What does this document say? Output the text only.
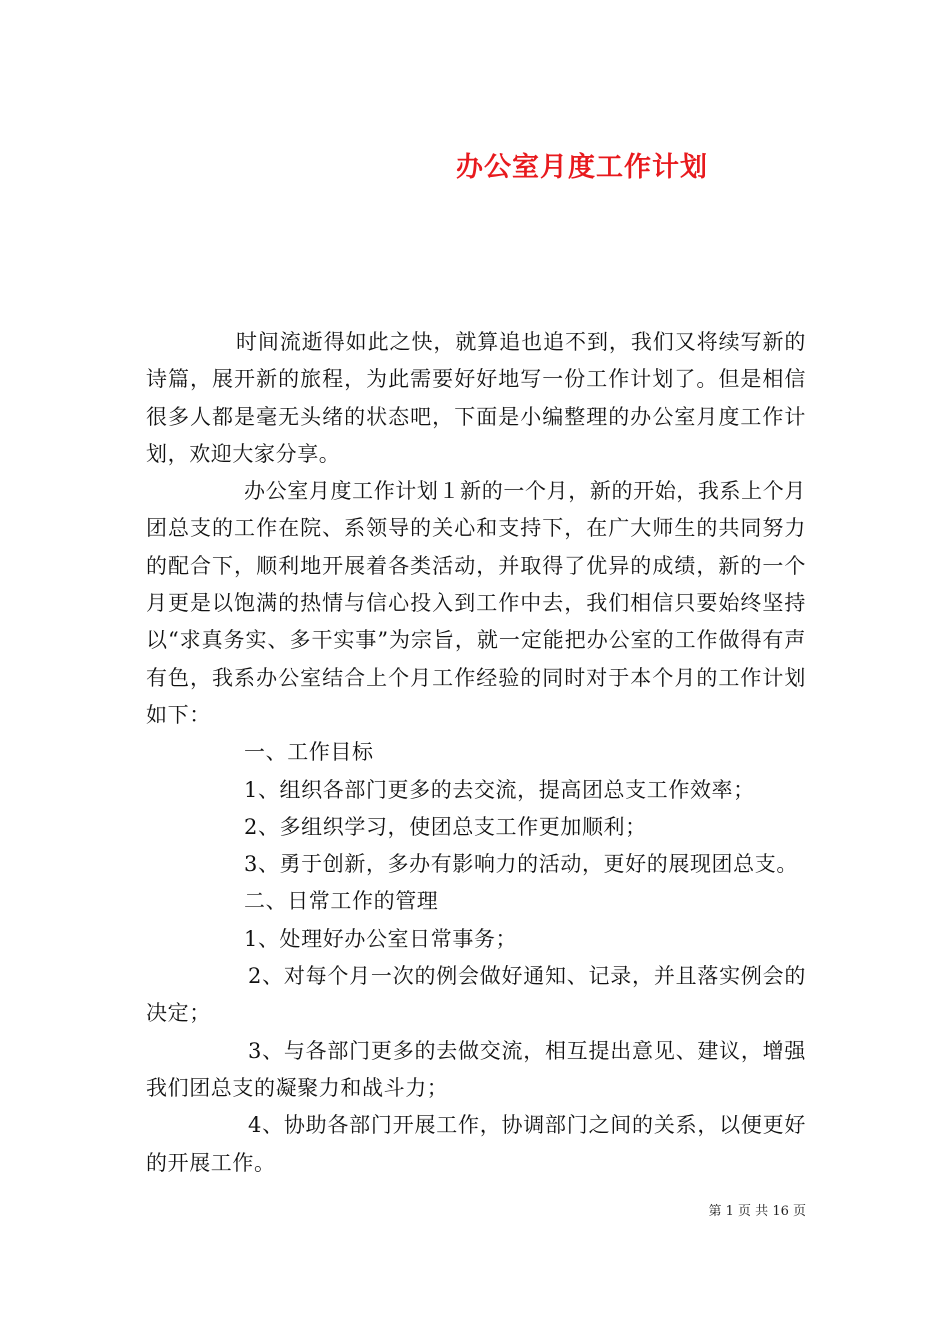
办公室月度工作计划

时间流逝得如此之快，就算追也追不到，我们又将续写新的诗篇，展开新的旅程，为此需要好好地写一份工作计划了。但是相信很多人都是毫无头绪的状态吧，下面是小编整理的办公室月度工作计划，欢迎大家分享。

办公室月度工作计划１新的一个月，新的开始，我系上个月团总支的工作在院、系领导的关心和支持下，在广大师生的共同努力的配合下，顺利地开展着各类活动，并取得了优异的成绩，新的一个月更是以饱满的热情与信心投入到工作中去，我们相信只要始终坚持以“求真务实、多干实事”为宗旨，就一定能把办公室的工作做得有声有色，我系办公室结合上个月工作经验的同时对于本个月的工作计划如下：

一、工作目标

1、组织各部门更多的去交流，提高团总支工作效率；

2、多组织学习，使团总支工作更加顺利；

3、勇于创新，多办有影响力的活动，更好的展现团总支。

二、日常工作的管理

1、处理好办公室日常事务；

2、对每个月一次的例会做好通知、记录，并且落实例会的决定；

3、与各部门更多的去做交流，相互提出意见、建议，增强我们团总支的凝聚力和战斗力；

4、协助各部门开展工作，协调部门之间的关系，以便更好的开展工作。

第 1 页 共 16 页
